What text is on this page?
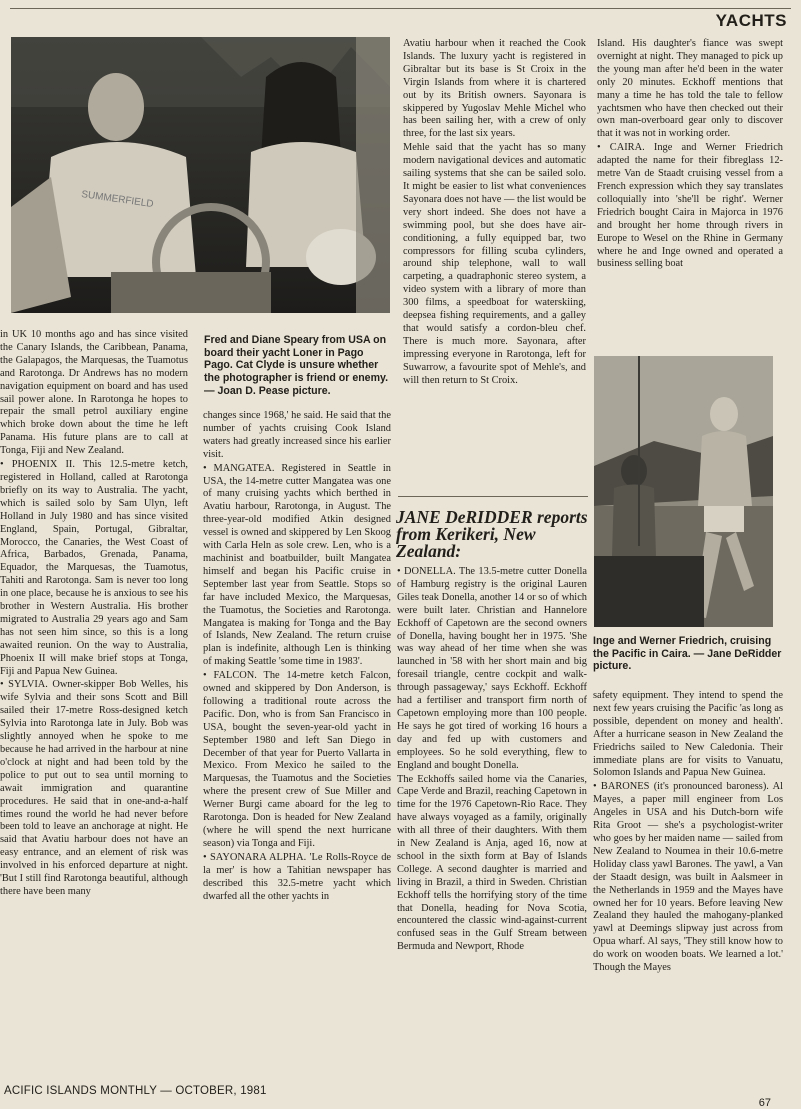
YACHTS
SUMMERFIELD

in UK 10 months ago and has since visited the Canary Islands, the Caribbean, Panama, the Galapagos, the Marquesas, the Tuamotus and Rarotonga. Dr Andrews has no modern navigation equipment on board and has used sail power alone. In Rarotonga he hopes to repair the small petrol auxiliary engine which broke down about the time he left Panama. His future plans are to call at Tonga, Fiji and New Zealand.

• PHOENIX II. This 12.5-metre ketch, registered in Holland, called at Rarotonga briefly on its way to Australia. The yacht, which is sailed solo by Sam Ulyn, left Holland in July 1980 and has since visited England, Spain, Portugal, Gibraltar, Morocco, the Canaries, the West Coast of Africa, Barbados, Grenada, Panama, Equador, the Marquesas, the Tuamotus, Tahiti and Rarotonga. Sam is never too long in one place, because he is anxious to see his brother in Western Australia. His brother migrated to Australia 29 years ago and Sam has not seen him since, so this is a long awaited reunion. On the way to Australia, Phoenix II will make brief stops at Tonga, Fiji and Papua New Guinea.

• SYLVIA. Owner-skipper Bob Welles, his wife Sylvia and their sons Scott and Bill sailed their 17-metre Ross-designed ketch Sylvia into Rarotonga late in July. Bob was slightly annoyed when he spoke to me because he had arrived in the harbour at nine o'clock at night and had been told by the police to put out to sea until morning to await immigration and quarantine procedures. He said that in one-and-a-half times round the world he had never before been told to leave an anchorage at night. He said that Avatiu harbour does not have an easy entrance, and an element of risk was involved in his enforced departure at night. 'But I still find Rarotonga beautiful, although there have been many

Fred and Diane Speary from USA on board their yacht Loner in Pago Pago. Cat Clyde is unsure whether the photographer is friend or enemy. — Joan D. Pease picture.

changes since 1968,' he said. He said that the number of yachts cruising Cook Island waters had greatly increased since his earlier visit.

• MANGATEA. Registered in Seattle in USA, the 14-metre cutter Mangatea was one of many cruising yachts which berthed in Avatiu harbour, Rarotonga, in August. The three-year-old modified Atkin designed vessel is owned and skippered by Len Skoog with Carla Heln as sole crew. Len, who is a machinist and boatbuilder, built Mangatea himself and began his Pacific cruise in September last year from Seattle. Stops so far have included Mexico, the Marquesas, the Tuamotus, the Societies and Rarotonga. Mangatea is making for Tonga and the Bay of Islands, New Zealand. The return cruise plan is indefinite, although Len is thinking of making Seattle 'some time in 1983'.

• FALCON. The 14-metre ketch Falcon, owned and skippered by Don Anderson, is following a traditional route across the Pacific. Don, who is from San Francisco in USA, bought the seven-year-old yacht in September 1980 and left San Diego in December of that year for Puerto Vallarta in Mexico. From Mexico he sailed to the Marquesas, the Tuamotus and the Societies where the present crew of Sue Miller and Werner Burgi came aboard for the leg to Rarotonga. Don is headed for New Zealand (where he will spend the next hurricane season) via Tonga and Fiji.

• SAYONARA ALPHA. 'Le Rolls-Royce de la mer' is how a Tahitian newspaper has described this 32.5-metre yacht which dwarfed all the other yachts in

Avatiu harbour when it reached the Cook Islands. The luxury yacht is registered in Gibraltar but its base is St Croix in the Virgin Islands from where it is chartered out by its British owners. Sayonara is skippered by Yugoslav Mehle Michel who has been sailing her, with a crew of only three, for the last six years.

Mehle said that the yacht has so many modern navigational devices and automatic sailing systems that she can be sailed solo. It might be easier to list what conveniences Sayonara does not have — the list would be very short indeed. She does not have a swimming pool, but she does have air-conditioning, a fully equipped bar, two compressors for filling scuba cylinders, around ship telephone, wall to wall carpeting, a quadraphonic stereo system, a video system with a library of more than 300 films, a speedboat for waterskiing, deepsea fishing requirements, and a galley that would satisfy a cordon-bleu chef. There is much more. Sayonara, after impressing everyone in Rarotonga, left for Suwarrow, a favourite spot of Mehle's, and will then return to St Croix.

JANE DeRIDDER reports from Kerikeri, New Zealand:

• DONELLA. The 13.5-metre cutter Donella of Hamburg registry is the original Lauren Giles teak Donella, another 14 or so of which were built later. Christian and Hannelore Eckhoff of Capetown are the second owners of Donella, having bought her in 1975. 'She was way ahead of her time when she was launched in '58 with her short main and big foresail triangle, centre cockpit and walk-through passageway,' says Eckhoff. Eckhoff had a fertiliser and transport firm north of Capetown employing more than 100 people. He says he got tired of working 16 hours a day and fed up with customers and employees. So he sold everything, flew to England and bought Donella.

The Eckhoffs sailed home via the Canaries, Cape Verde and Brazil, reaching Capetown in time for the 1976 Capetown-Rio Race. They have always voyaged as a family, originally with all three of their daughters. With them in New Zealand is Anja, aged 16, now at school in the sixth form at Bay of Islands College. A second daughter is married and living in Brazil, a third in Sweden. Christian Eckhoff tells the horrifying story of the time that Donella, heading for Nova Scotia, encountered the classic wind-against-current confused seas in the Gulf Stream between Bermuda and Newport, Rhode

Island. His daughter's fiance was swept overnight at night. They managed to pick up the young man after he'd been in the water only 20 minutes. Eckhoff mentions that many a time he has told the tale to fellow yachtsmen who have then checked out their own man-overboard gear only to discover that it was not in working order.

• CAIRA. Inge and Werner Friedrich adapted the name for their fibreglass 12-metre Van de Staadt cruising vessel from a French expression which they say translates colloquially into 'she'll be right'. Werner Friedrich bought Caira in Majorca in 1976 and brought her home through rivers in Europe to Wesel on the Rhine in Germany where he and Inge owned and operated a business selling boat

Inge and Werner Friedrich, cruising the Pacific in Caira. — Jane DeRidder picture.

safety equipment. They intend to spend the next few years cruising the Pacific 'as long as possible, dependent on money and health'. After a hurricane season in New Zealand the Friedrichs sailed to New Caledonia. Their immediate plans are for visits to Vanuatu, Solomon Islands and Papua New Guinea.

• BARONES (it's pronounced baroness). Al Mayes, a paper mill engineer from Los Angeles in USA and his Dutch-born wife Rita Groot — she's a psychologist-writer who goes by her maiden name — sailed from New Zealand to Noumea in their 10.6-metre Holiday class yawl Barones. The yawl, a Van der Staadt design, was built in Aalsmeer in the Netherlands in 1959 and the Mayes have owned her for 10 years. Before leaving New Zealand they hauled the mahogany-planked yawl at Deemings slipway just across from Opua wharf. Al says, 'They still know how to do work on wooden boats. We learned a lot.' Though the Mayes

ACIFIC ISLANDS MONTHLY — OCTOBER, 1981
67
